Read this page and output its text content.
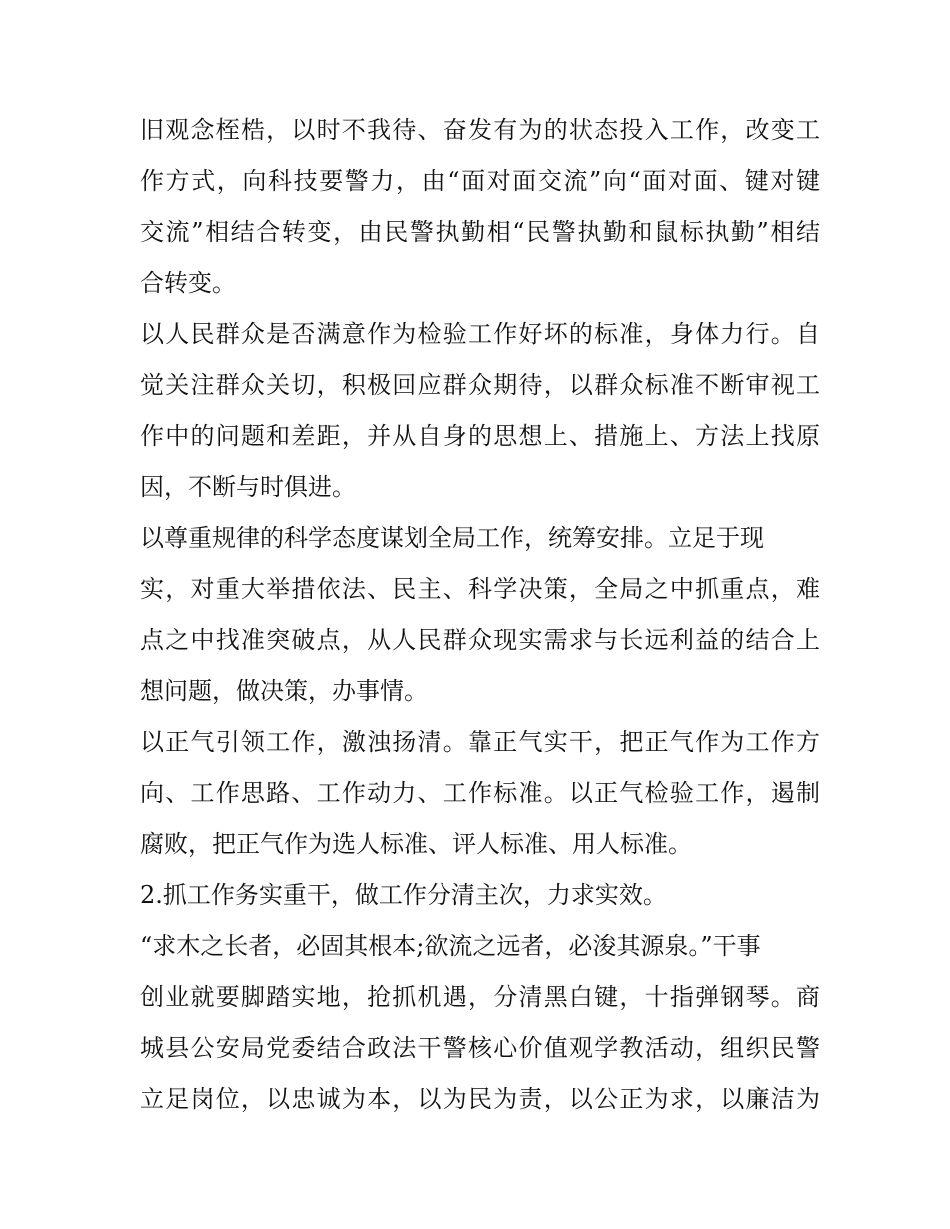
旧观念桎梏，以时不我待、奋发有为的状态投入工作，改变工
作方式，向科技要警力，由“面对面交流”向“面对面、键对键
交流”相结合转变，由民警执勤相“民警执勤和鼠标执勤”相结
合转变。
以人民群众是否满意作为检验工作好坏的标准，身体力行。自
觉关注群众关切，积极回应群众期待，以群众标准不断审视工
作中的问题和差距，并从自身的思想上、措施上、方法上找原
因，不断与时俱进。
以尊重规律的科学态度谋划全局工作，统筹安排。立足于现
实，对重大举措依法、民主、科学决策，全局之中抓重点，难
点之中找准突破点，从人民群众现实需求与长远利益的结合上
想问题，做决策，办事情。
以正气引领工作，激浊扬清。靠正气实干，把正气作为工作方
向、工作思路、工作动力、工作标准。以正气检验工作，遏制
腐败，把正气作为选人标准、评人标准、用人标准。
2.抓工作务实重干，做工作分清主次，力求实效。
“求木之长者，必固其根本;欲流之远者，必浚其源泉。”干事
创业就要脚踏实地，抢抓机遇，分清黑白键，十指弹钢琴。商
城县公安局党委结合政法干警核心价值观学教活动，组织民警
立足岗位，以忠诚为本，以为民为责，以公正为求，以廉洁为
